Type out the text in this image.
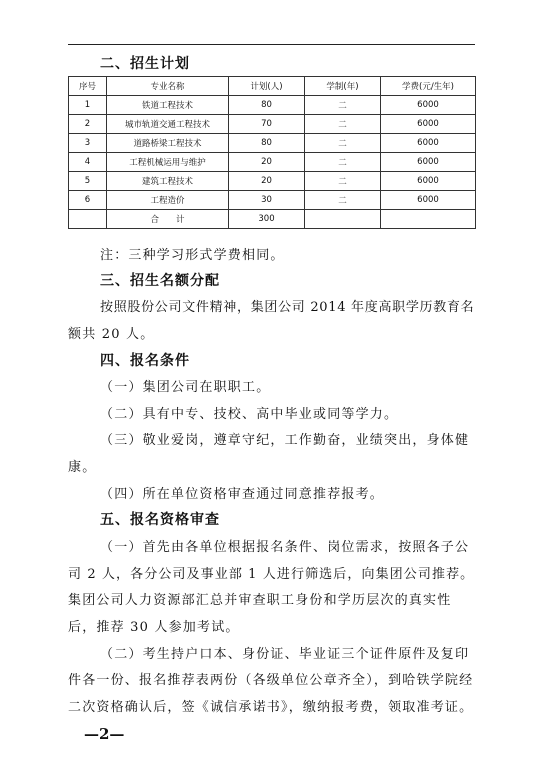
二、招生计划
序号	专业名称	计划(人)	学制(年)	学费(元/生年)
1	铁道工程技术	80	二	6000
2	城市轨道交通工程技术	70	二	6000
3	道路桥梁工程技术	80	二	6000
4	工程机械运用与维护	20	二	6000
5	建筑工程技术	20	二	6000
6	工程造价	30	二	6000
	合　　计	300		
注：三种学习形式学费相同。
三、招生名额分配
按照股份公司文件精神，集团公司 2014 年度高职学历教育名
额共 20 人。
四、报名条件
（一）集团公司在职职工。
（二）具有中专、技校、高中毕业或同等学力。
（三）敬业爱岗，遵章守纪，工作勤奋，业绩突出，身体健
康。
（四）所在单位资格审查通过同意推荐报考。
五、报名资格审查
（一）首先由各单位根据报名条件、岗位需求，按照各子公
司 2 人，各分公司及事业部 1 人进行筛选后，向集团公司推荐。
集团公司人力资源部汇总并审查职工身份和学历层次的真实性
后，推荐 30 人参加考试。
（二）考生持户口本、身份证、毕业证三个证件原件及复印
件各一份、报名推荐表两份（各级单位公章齐全），到哈铁学院经
二次资格确认后，签《诚信承诺书》，缴纳报考费，领取准考证。
—2—
